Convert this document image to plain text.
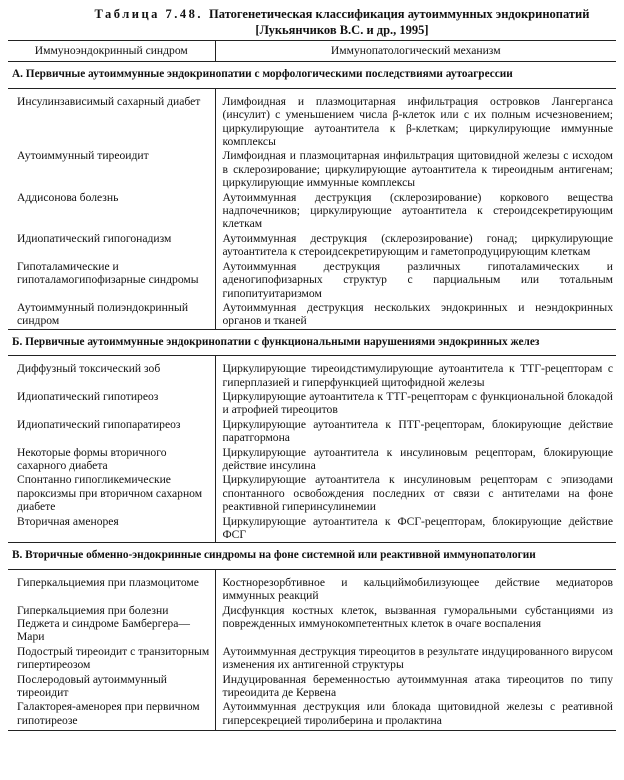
Таблица 7.48. Патогенетическая классификация аутоиммунных эндокринопатий
[Лукьянчиков В.С. и др., 1995]
Иммуноэндокринный синдром	Иммунопатологический механизм
А. Первичные аутоиммунные эндокринопатии с морфологическими последствиями аутоагрессии	
Инсулинзависимый сахарный диабет	Лимфоидная и плазмоцитарная инфильтрация островков Лангерганса (инсулит) с уменьшением числа β-клеток или с их полным исчезновением; циркулирующие аутоантитела к β-клеткам; циркулирующие иммунные комплексы
Аутоиммунный тиреоидит	Лимфоидная и плазмоцитарная инфильтрация щитовидной железы с исходом в склерозирование; циркулирующие аутоантитела к тиреоидным антигенам; циркулирующие иммунные комплексы
Аддисонова болезнь	Аутоиммунная деструкция (склерозирование) коркового вещества надпочечников; циркулирующие аутоантитела к стероидсекретирующим клеткам
Идиопатический гипогонадизм	Аутоиммунная деструкция (склерозирование) гонад; циркулирующие аутоантитела к стероидсекретирующим и гаметопродуцирующим клеткам
Гипоталамические и гипоталамогипофизарные синдромы	Аутоиммунная деструкция различных гипоталамических и аденогипофизарных структур с парциальным или тотальным гипопитуитаризмом
Аутоиммунный полиэндокринный синдром	Аутоиммунная деструкция нескольких эндокринных и неэндокринных органов и тканей
Б. Первичные аутоиммунные эндокринопатии с функциональными нарушениями эндокринных желез	
Диффузный токсический зоб	Циркулирующие тиреоидстимулирующие аутоантитела к ТТГ-рецепторам с гиперплазией и гиперфункцией щитофидной железы
Идиопатический гипотиреоз	Циркулирующие аутоантитела к ТТГ-рецепторам с функциональной блокадой и атрофией тиреоцитов
Идиопатический гипопаратиреоз	Циркулирующие аутоантитела к ПТГ-рецепторам, блокирующие действие паратгормона
Некоторые формы вторичного сахарного диабета	Циркулирующие аутоантитела к инсулиновым рецепторам, блокирующие действие инсулина
Спонтанно гипогликемические пароксизмы при вторичном сахарном диабете	Циркулирующие аутоантитела к инсулиновым рецепторам с эпизодами спонтанного освобождения последних от связи с антителами на фоне реактивной гиперинсулинемии
Вторичная аменорея	Циркулирующие аутоантитела к ФСГ-рецепторам, блокирующие действие ФСГ
В. Вторичные обменно-эндокринные синдромы на фоне системной или реактивной иммунопатологии	
Гиперкальциемия при плазмоцитоме	Костнорезорбтивное и кальциймобилизующее действие медиаторов иммунных реакций
Гиперкальциемия при болезни Педжета и синдроме Бамбергера—Мари	Дисфункция костных клеток, вызванная гуморальными субстанциями из поврежденных иммунокомпетентных клеток в очаге воспаления
Подострый тиреоидит с транзиторным гипертиреозом	Аутоиммунная деструкция тиреоцитов в результате индуцированного вирусом изменения их антигенной структуры
Послеродовый аутоиммунный тиреоидит	Индуцированная беременностью аутоиммунная атака тиреоцитов по типу тиреоидита де Кервена
Галакторея-аменорея при первичном гипотиреозе	Аутоиммунная деструкция или блокада щитовидной железы с реативной гиперсекрецией тиролиберина и пролактина
